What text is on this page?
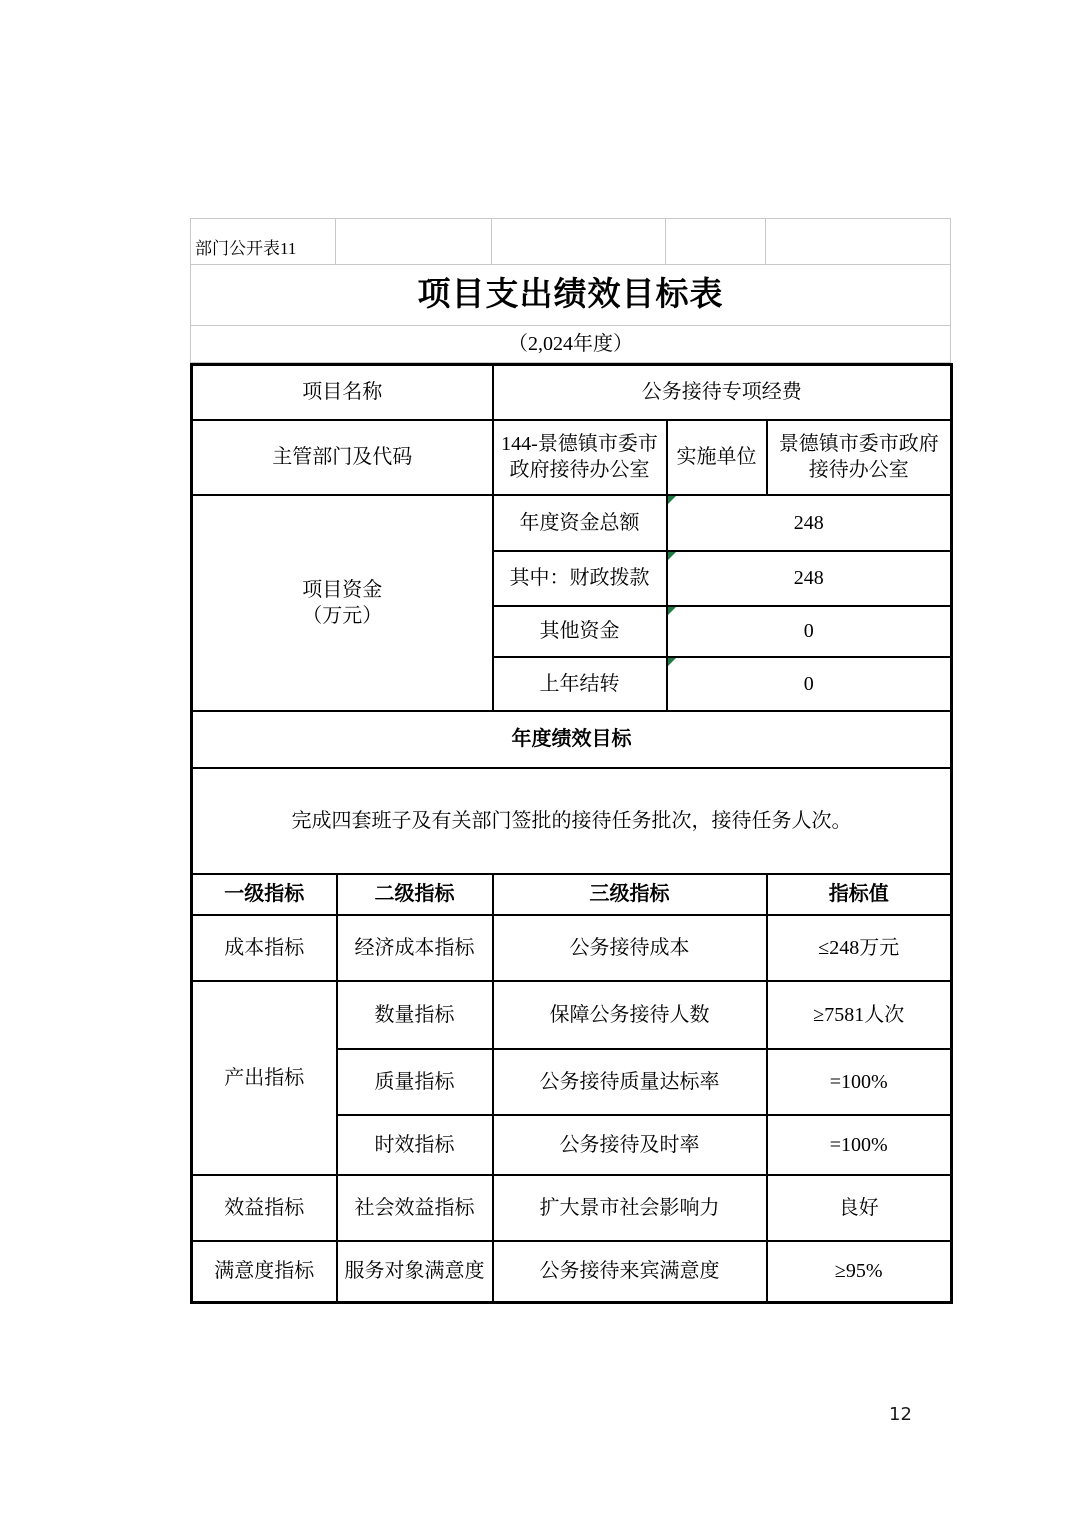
部门公开表11				
项目支出绩效目标表
（2,024年度）
项目名称		公务接待专项经费		
主管部门及代码		144-景德镇市委市政府接待办公室	实施单位	景德镇市委市政府接待办公室

项目资金
（万元）		年度资金总额	248	
		其中：财政拨款	248	
		其他资金	0	
		上年结转	0	
年度绩效目标				
完成四套班子及有关部门签批的接待任务批次，接待任务人次。				
一级指标	二级指标	三级指标		指标值
成本指标	经济成本指标	公务接待成本		≤248万元
产出指标	数量指标	保障公务接待人数		≥7581人次
	质量指标	公务接待质量达标率		=100%
	时效指标	公务接待及时率		=100%
效益指标	社会效益指标	扩大景市社会影响力		良好
满意度指标	服务对象满意度	公务接待来宾满意度		≥95%
12
